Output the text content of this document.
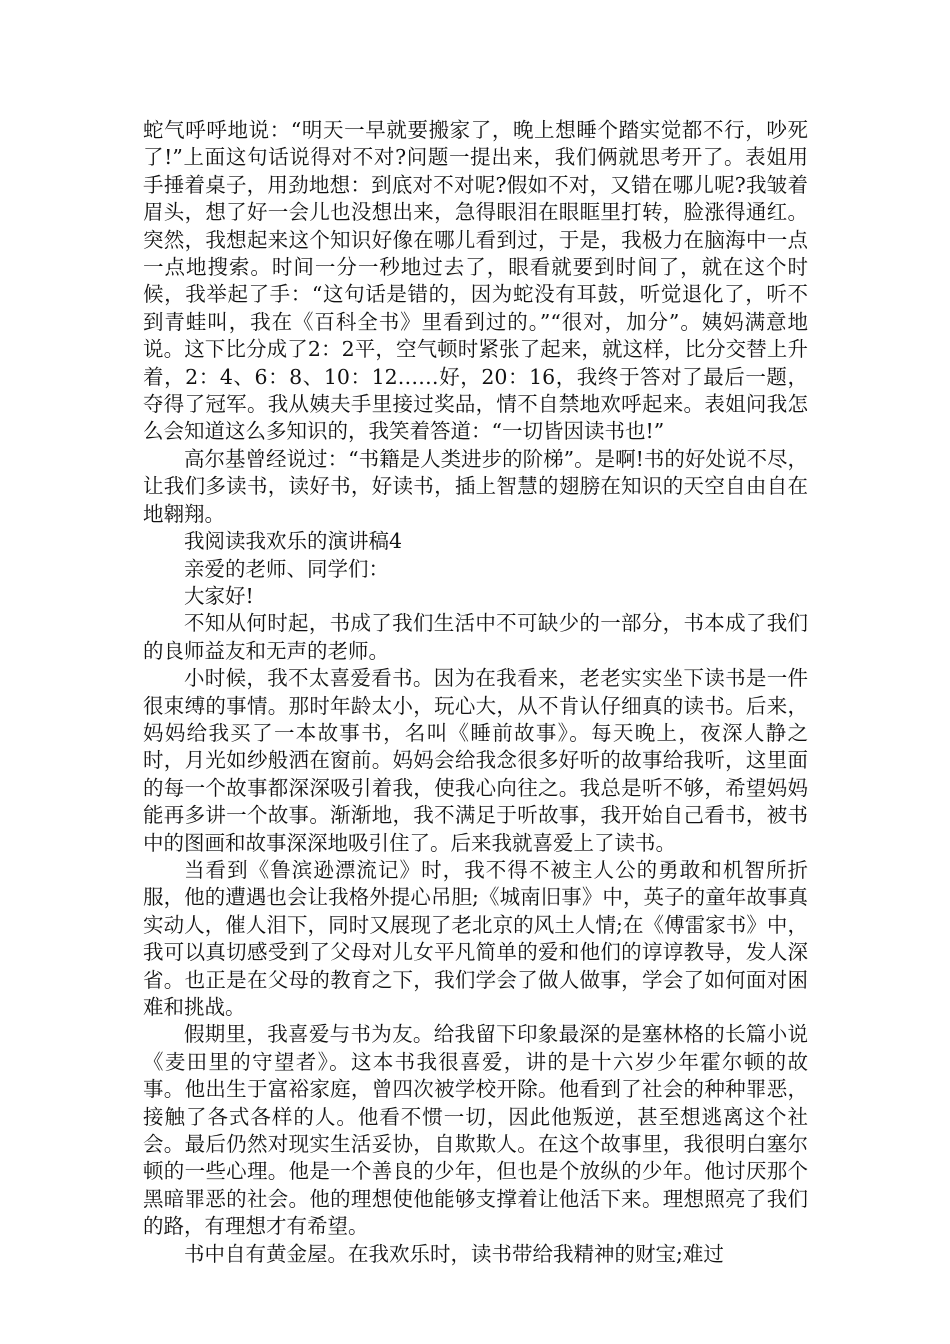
蛇气呼呼地说：“明天一早就要搬家了，晚上想睡个踏实觉都不行，吵死了!”上面这句话说得对不对?问题一提出来，我们俩就思考开了。表姐用手捶着桌子，用劲地想：到底对不对呢?假如不对，又错在哪儿呢?我皱着眉头，想了好一会儿也没想出来，急得眼泪在眼眶里打转，脸涨得通红。突然，我想起来这个知识好像在哪儿看到过，于是，我极力在脑海中一点一点地搜索。时间一分一秒地过去了，眼看就要到时间了，就在这个时候，我举起了手：“这句话是错的，因为蛇没有耳鼓，听觉退化了，听不到青蛙叫，我在《百科全书》里看到过的。”“很对，加分”。姨妈满意地说。这下比分成了2：2平，空气顿时紧张了起来，就这样，比分交替上升着，2：4、6：8、10：12……好，20：16，我终于答对了最后一题，夺得了冠军。我从姨夫手里接过奖品，情不自禁地欢呼起来。表姐问我怎么会知道这么多知识的，我笑着答道：“一切皆因读书也!”

高尔基曾经说过：“书籍是人类进步的阶梯”。是啊!书的好处说不尽，让我们多读书，读好书，好读书，插上智慧的翅膀在知识的天空自由自在地翱翔。

我阅读我欢乐的演讲稿4

亲爱的老师、同学们：

大家好!

不知从何时起，书成了我们生活中不可缺少的一部分，书本成了我们的良师益友和无声的老师。

小时候，我不太喜爱看书。因为在我看来，老老实实坐下读书是一件很束缚的事情。那时年龄太小，玩心大，从不肯认仔细真的读书。后来，妈妈给我买了一本故事书，名叫《睡前故事》。每天晚上，夜深人静之时，月光如纱般洒在窗前。妈妈会给我念很多好听的故事给我听，这里面的每一个故事都深深吸引着我，使我心向往之。我总是听不够，希望妈妈能再多讲一个故事。渐渐地，我不满足于听故事，我开始自己看书，被书中的图画和故事深深地吸引住了。后来我就喜爱上了读书。

当看到《鲁滨逊漂流记》时，我不得不被主人公的勇敢和机智所折服，他的遭遇也会让我格外提心吊胆;《城南旧事》中，英子的童年故事真实动人，催人泪下，同时又展现了老北京的风土人情;在《傅雷家书》中，我可以真切感受到了父母对儿女平凡简单的爱和他们的谆谆教导，发人深省。也正是在父母的教育之下，我们学会了做人做事，学会了如何面对困难和挑战。

假期里，我喜爱与书为友。给我留下印象最深的是塞林格的长篇小说《麦田里的守望者》。这本书我很喜爱，讲的是十六岁少年霍尔顿的故事。他出生于富裕家庭，曾四次被学校开除。他看到了社会的种种罪恶，接触了各式各样的人。他看不惯一切，因此他叛逆，甚至想逃离这个社会。最后仍然对现实生活妥协，自欺欺人。在这个故事里，我很明白塞尔顿的一些心理。他是一个善良的少年，但也是个放纵的少年。他讨厌那个黑暗罪恶的社会。他的理想使他能够支撑着让他活下来。理想照亮了我们的路，有理想才有希望。

书中自有黄金屋。在我欢乐时，读书带给我精神的财宝;难过
